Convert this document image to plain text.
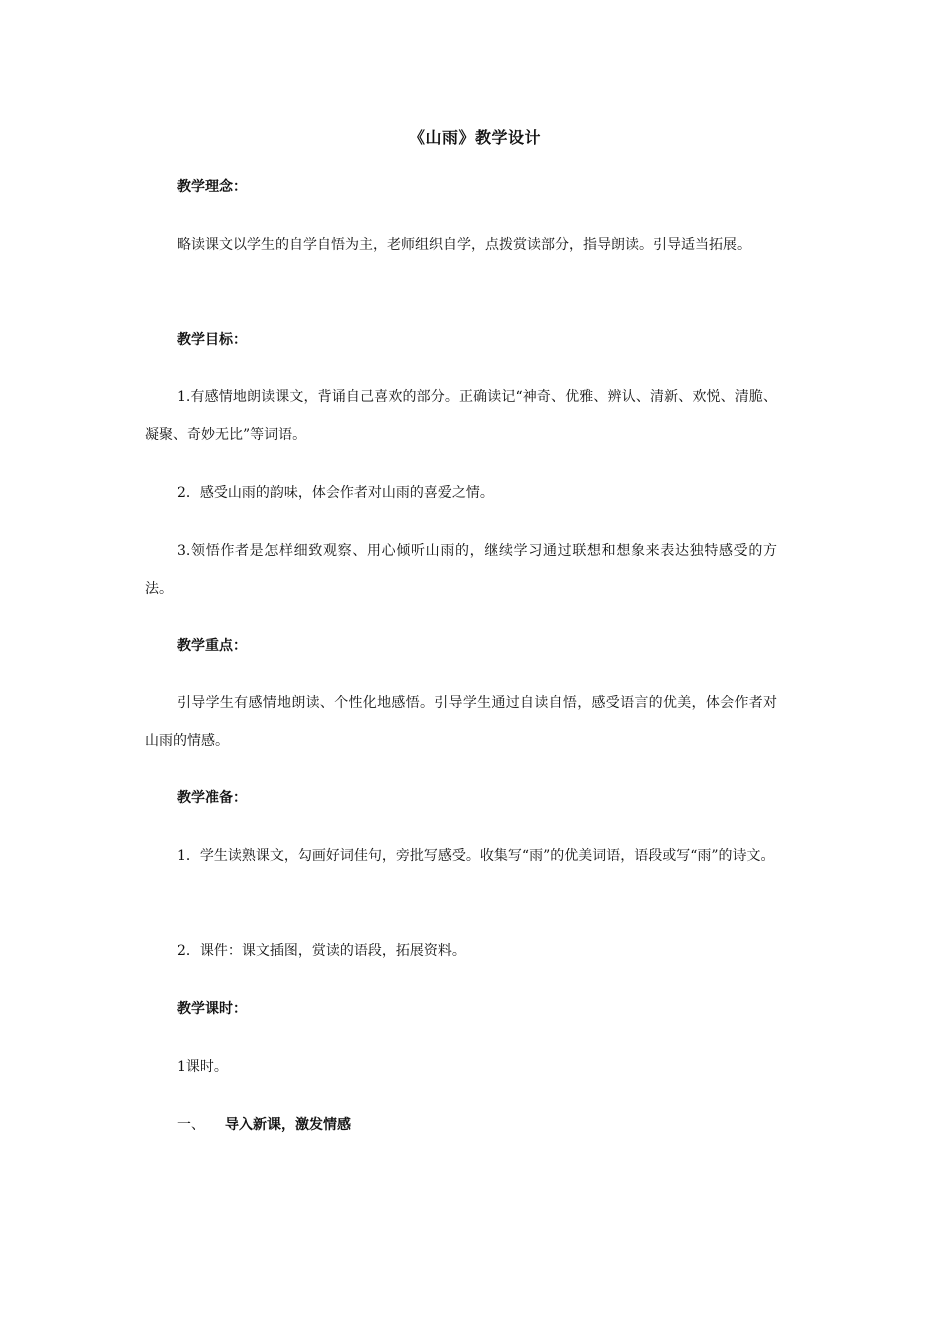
《山雨》教学设计
教学理念：

略读课文以学生的自学自悟为主，老师组织自学，点拨赏读部分，指导朗读。引导适当拓展。

教学目标：

1.有感情地朗读课文，背诵自己喜欢的部分。正确读记“神奇、优雅、辨认、清新、欢悦、清脆、凝聚、奇妙无比”等词语。

2．感受山雨的韵味，体会作者对山雨的喜爱之情。

3.领悟作者是怎样细致观察、用心倾听山雨的，继续学习通过联想和想象来表达独特感受的方法。

教学重点：

引导学生有感情地朗读、个性化地感悟。引导学生通过自读自悟，感受语言的优美，体会作者对山雨的情感。

教学准备：

1．学生读熟课文，勾画好词佳句，旁批写感受。收集写“雨”的优美词语，语段或写“雨”的诗文。

2．课件：课文插图，赏读的语段，拓展资料。

教学课时：
1课时。
一、 导入新课，激发情感
